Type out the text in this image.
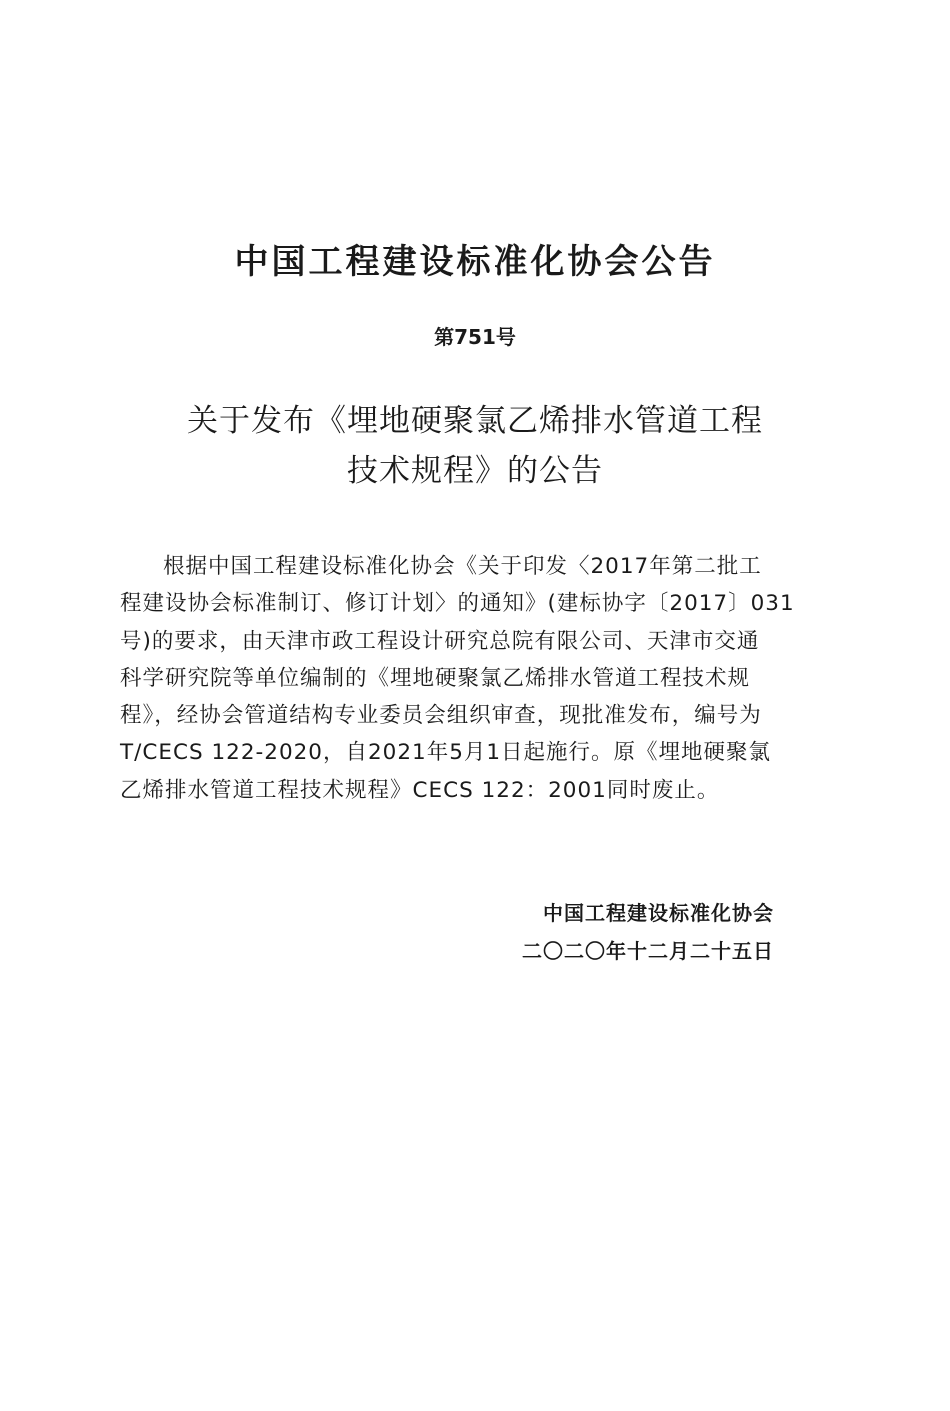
中国工程建设标准化协会公告
第751号
关于发布《埋地硬聚氯乙烯排水管道工程
技术规程》的公告
根据中国工程建设标准化协会《关于印发〈2017年第二批工
程建设协会标准制订、修订计划〉的通知》(建标协字〔2017〕031
号)的要求，由天津市政工程设计研究总院有限公司、天津市交通
科学研究院等单位编制的《埋地硬聚氯乙烯排水管道工程技术规
程》，经协会管道结构专业委员会组织审查，现批准发布，编号为
T/CECS 122-2020，自2021年5月1日起施行。原《埋地硬聚氯
乙烯排水管道工程技术规程》CECS 122：2001同时废止。
中国工程建设标准化协会
二〇二〇年十二月二十五日
